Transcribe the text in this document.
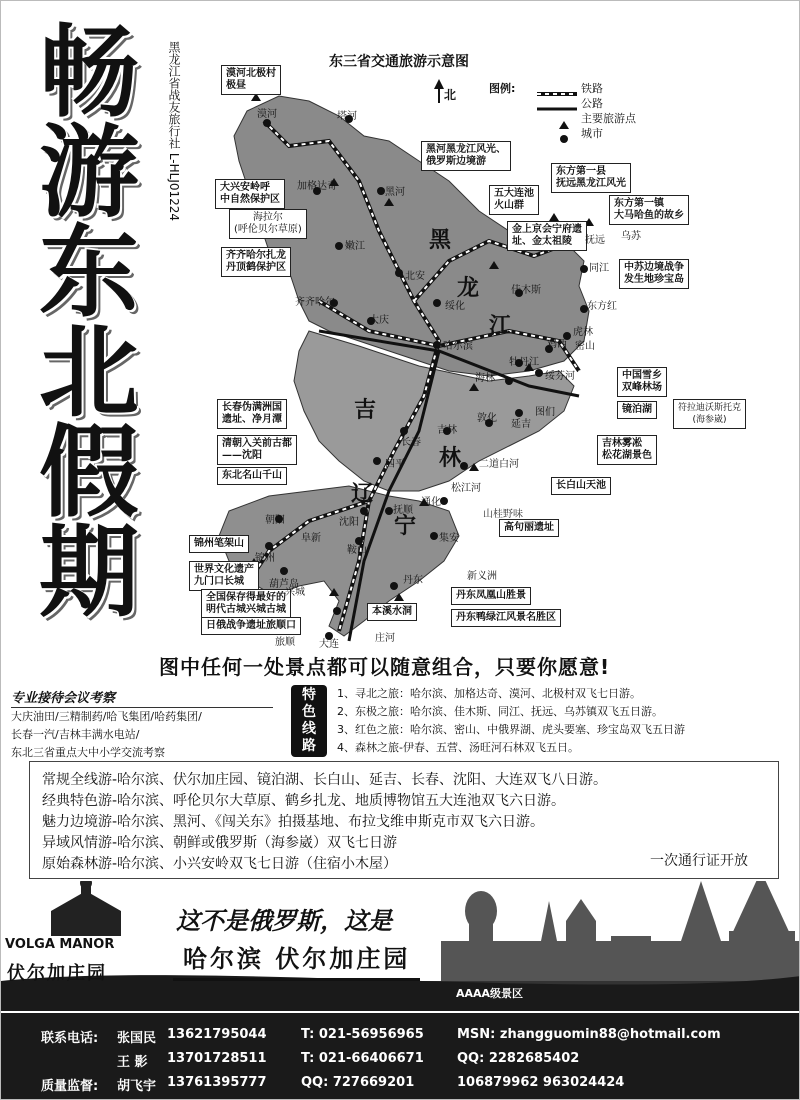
畅
游
东
北
假
期
黑龙江省战友旅行社 L-HLJ01224	东三省交通旅游示意图
北	图例:	铁路
公路
主要旅游点
城市
黑
龙
江
吉
林
辽
宁
漠河北极村
极昼
黑河黑龙江风光、
俄罗斯边境游
大兴安岭呼
中自然保护区
海拉尔
(呼伦贝尔草原)
齐齐哈尔扎龙
丹顶鹤保护区
五大连池
火山群
金上京会宁府遗
址、金太祖陵
东方第一县
抚远黑龙江风光
东方第一镇
大马哈鱼的故乡
中苏边境战争
发生地珍宝岛
中国雪乡
双峰林场
镜泊湖	符拉迪沃斯托克
(海参崴)
长春伪满洲国
遗址、净月潭
清朝入关前古都
——沈阳
东北名山千山
吉林雾凇
松花湖景色
长白山天池
高句丽遗址
锦州笔架山
世界文化遗产
九门口长城
全国保存得最好的
明代古城兴城古城
日俄战争遗址旅顺口
丹东凤凰山胜景
丹东鸭绿江风景名胜区
本溪水洞
漠河	塔河
加格达奇
黑河
嫩江
北安
齐齐哈尔
大庆
绥化
哈尔滨
佳木斯
抚远 乌苏
同江
东方红
虎林
密山
鸡西
牡丹江
海林	绥芬河
长春
吉林
敦化
延吉
图们
四平	二道白河
通化
集安
松江河
沈阳
抚顺
朝阳
锦州
葫芦岛
兴城
鞍山
丹东	新义洲
大连
旅顺	庄河
阜新
山桂野味
图中任何一处景点都可以随意组合，只要你愿意!
专业接待会议考察
大庆油田/三精制药/哈飞集团/哈药集团/
长春一汽/吉林丰满水电站/
东北三省重点大中小学交流考察
特
色
线
路
1、寻北之旅：哈尔滨、加格达奇、漠河、北极村双飞七日游。
2、东极之旅：哈尔滨、佳木斯、同江、抚远、乌苏镇双飞五日游。
3、红色之旅：哈尔滨、密山、中俄界湖、虎头要塞、珍宝岛双飞五日游
4、森林之旅-伊春、五营、汤旺河石林双飞五日。
常规全线游-哈尔滨、伏尔加庄园、镜泊湖、长白山、延吉、长春、沈阳、大连双飞八日游。
经典特色游-哈尔滨、呼伦贝尔大草原、鹤乡扎龙、地质博物馆五大连池双飞六日游。
魅力边境游-哈尔滨、黑河、《闯关东》拍摄基地、布拉戈维申斯克市双飞六日游。
异域风情游-哈尔滨、朝鲜或俄罗斯（海参崴）双飞七日游
原始森林游-哈尔滨、小兴安岭双飞七日游（住宿小木屋）	一次通行证开放
VOLGA MANOR
伏尔加庄园
这不是俄罗斯，这是
哈尔滨 伏尔加庄园
AAAA级景区
联系电话: 张国民 13621795044	T: 021-56956965	MSN: zhangguomin88@hotmail.com
王 影 13701728511	T: 021-66406671	QQ: 2282685402
质量监督: 胡飞宇 13761395777	QQ: 727669201	106879962 963024424
